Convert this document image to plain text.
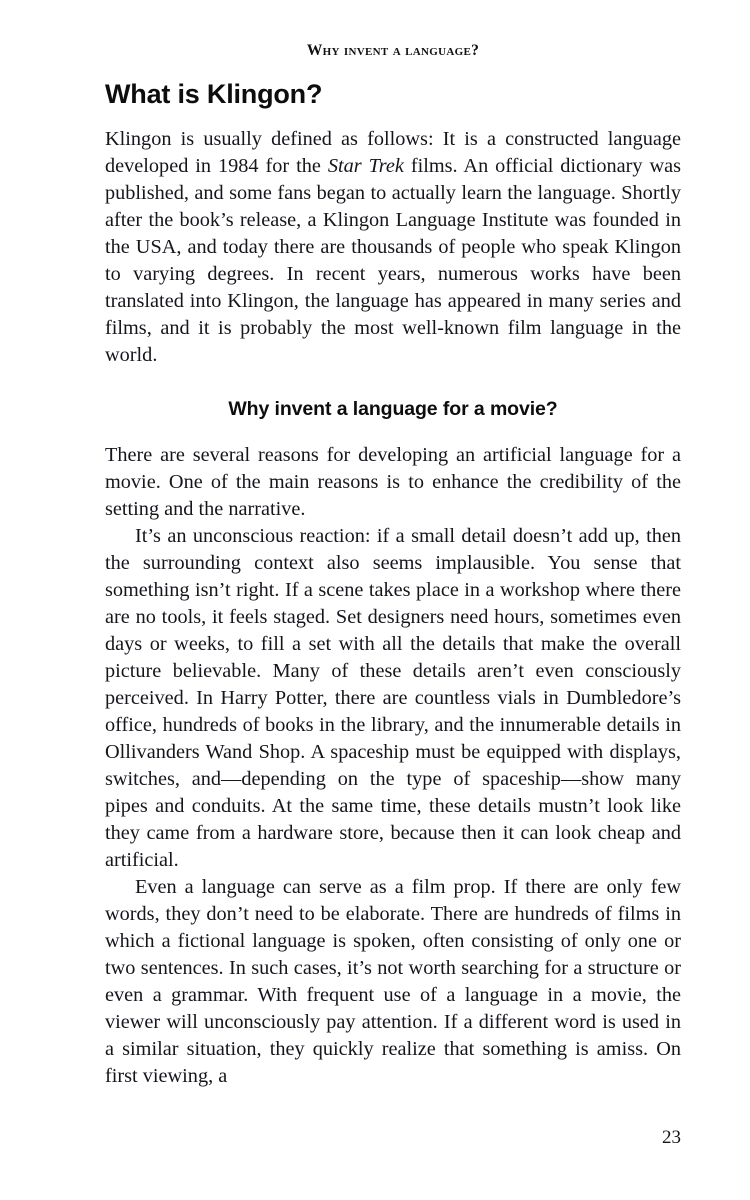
Why invent a language?
What is Klingon?

Klingon is usually defined as follows: It is a constructed language developed in 1984 for the Star Trek films. An official dictionary was published, and some fans began to actually learn the language. Shortly after the book’s release, a Klingon Language Institute was founded in the USA, and today there are thousands of people who speak Klingon to varying degrees. In recent years, numerous works have been translated into Klingon, the language has appeared in many series and films, and it is probably the most well-known film language in the world.

Why invent a language for a movie?

There are several reasons for developing an artificial language for a movie. One of the main reasons is to enhance the credibility of the setting and the narrative.

It’s an unconscious reaction: if a small detail doesn’t add up, then the surrounding context also seems implausible. You sense that something isn’t right. If a scene takes place in a workshop where there are no tools, it feels staged. Set designers need hours, sometimes even days or weeks, to fill a set with all the details that make the overall picture believable. Many of these details aren’t even consciously perceived. In Harry Potter, there are countless vials in Dumbledore’s office, hundreds of books in the library, and the innumerable details in Ollivanders Wand Shop. A spaceship must be equipped with displays, switches, and—depending on the type of spaceship—show many pipes and conduits. At the same time, these details mustn’t look like they came from a hardware store, because then it can look cheap and artificial.

Even a language can serve as a film prop. If there are only few words, they don’t need to be elaborate. There are hundreds of films in which a fictional language is spoken, often consisting of only one or two sentences. In such cases, it’s not worth searching for a structure or even a grammar. With frequent use of a language in a movie, the viewer will unconsciously pay attention. If a different word is used in a similar situation, they quickly realize that something is amiss. On first viewing, a

23
